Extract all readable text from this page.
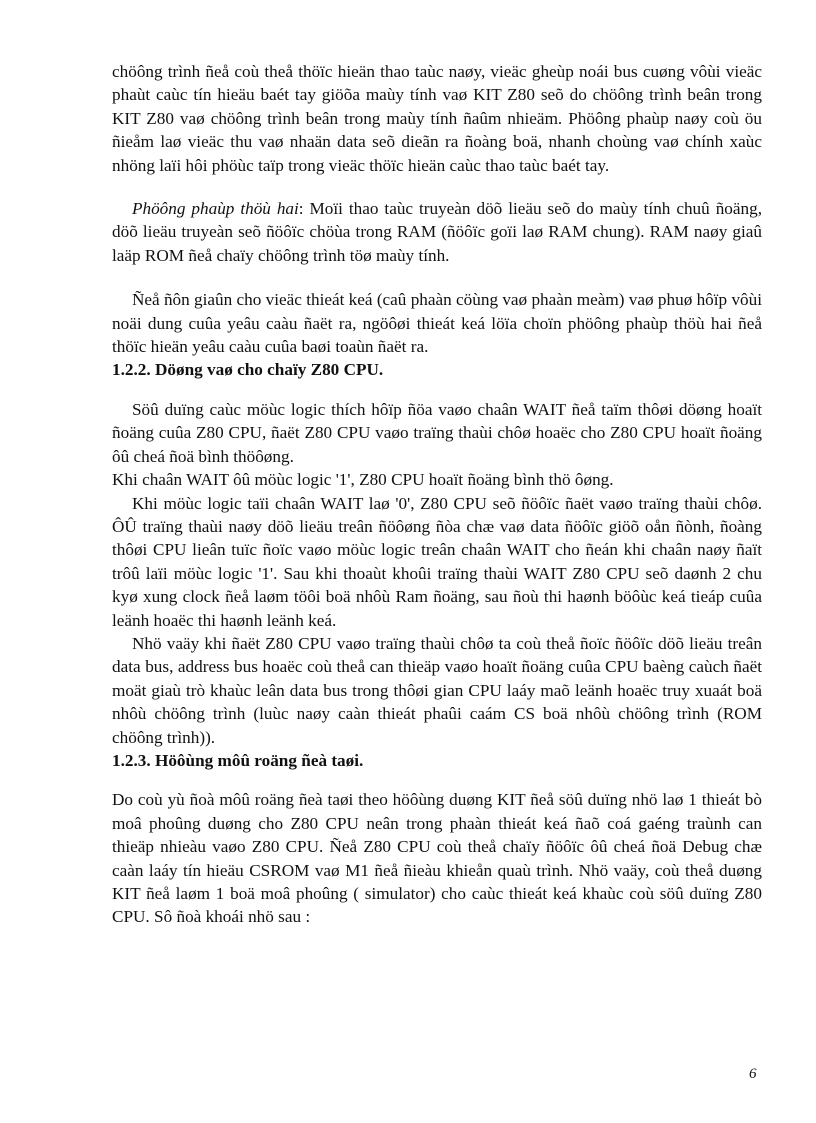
chöông trình ñeå coù theå thöïc hieän thao taùc naøy, vieäc gheùp noái bus cuøng vôùi vieäc phaùt caùc tín hieäu baét tay giöõa maùy tính vaø KIT Z80 seõ do chöông trình beân trong KIT Z80 vaø chöông trình beân trong maùy tính ñaûm nhieäm. Phöông phaùp naøy coù öu ñieåm laø vieäc thu vaø nhaän data seõ dieãn ra ñoàng boä, nhanh choùng vaø chính xaùc nhöng laïi hôi phöùc taïp trong vieäc thöïc hieän caùc thao taùc baét tay.

Phöông phaùp thöù hai: Moïi thao taùc truyeàn döõ lieäu seõ do maùy tính chuû ñoäng, döõ lieäu truyeàn seõ ñöôïc chöùa trong RAM (ñöôïc goïi laø RAM chung). RAM naøy giaû laäp ROM ñeå chaïy chöông trình töø maùy tính.

Ñeå ñôn giaûn cho vieäc thieát keá (caû phaàn cöùng vaø phaàn meàm) vaø phuø hôïp vôùi noäi dung cuûa yeâu caàu ñaët ra, ngöôøi thieát keá löïa choïn phöông phaùp thöù hai ñeå thöïc hieän yeâu caàu cuûa baøi toaùn ñaët ra.

1.2.2. Döøng vaø cho chaïy Z80 CPU.

Söû duïng caùc möùc logic thích hôïp ñöa vaøo chaân WAIT ñeå taïm thôøi döøng hoaït ñoäng cuûa Z80 CPU, ñaët Z80 CPU vaøo traïng thaùi chôø hoaëc cho Z80 CPU hoaït ñoäng ôû cheá ñoä bình thöôøng.

Khi chaân WAIT ôû möùc logic '1', Z80 CPU hoaït ñoäng bình thö ôøng.

Khi möùc logic taïi chaân WAIT laø '0', Z80 CPU seõ ñöôïc ñaët vaøo traïng thaùi chôø. ÔÛ traïng thaùi naøy döõ lieäu treân ñöôøng ñòa chæ vaø data ñöôïc giöõ oån ñònh, ñoàng thôøi CPU lieân tuïc ñoïc vaøo möùc logic treân chaân WAIT cho ñeán khi chaân naøy ñaït trôû laïi möùc logic '1'. Sau khi thoaùt khoûi traïng thaùi WAIT Z80 CPU seõ daønh 2 chu kyø xung clock ñeå laøm töôi boä nhôù Ram ñoäng, sau ñoù thi haønh böôùc keá tieáp cuûa leänh hoaëc thi haønh leänh keá.

Nhö vaäy khi ñaët Z80 CPU vaøo traïng thaùi chôø ta coù theå ñoïc ñöôïc döõ lieäu treân data bus, address bus hoaëc coù theå can thieäp vaøo hoaït ñoäng cuûa CPU baèng caùch ñaët moät giaù trò khaùc leân data bus trong thôøi gian CPU laáy maõ leänh hoaëc truy xuaát boä nhôù chöông trình (luùc naøy caàn thieát phaûi caám CS boä nhôù chöông trình (ROM chöông trình)).

1.2.3. Höôùng môû roäng ñeà taøi.

Do coù yù ñoà môû roäng ñeà taøi theo höôùng duøng KIT ñeå söû duïng nhö laø 1 thieát bò moâ phoûng duøng cho Z80 CPU neân trong phaàn thieát keá ñaõ coá gaéng traùnh can thieäp nhieàu vaøo Z80 CPU. Ñeå Z80 CPU coù theå chaïy ñöôïc ôû cheá ñoä Debug chæ caàn laáy tín hieäu CSROM vaø M1 ñeå ñieàu khieån quaù trình. Nhö vaäy, coù theå duøng KIT ñeå laøm 1 boä moâ phoûng ( simulator) cho caùc thieát keá khaùc coù söû duïng Z80 CPU. Sô ñoà khoái nhö sau :

6
